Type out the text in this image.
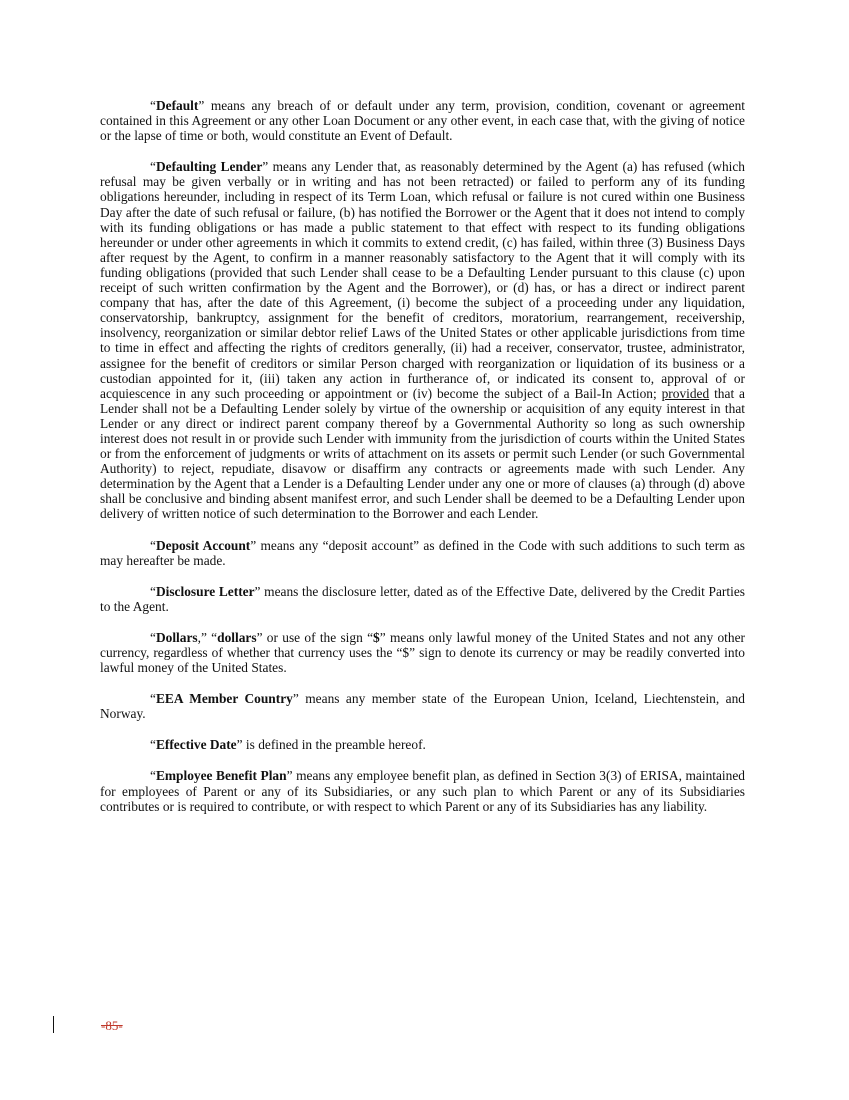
“Default” means any breach of or default under any term, provision, condition, covenant or agreement contained in this Agreement or any other Loan Document or any other event, in each case that, with the giving of notice or the lapse of time or both, would constitute an Event of Default.

“Defaulting Lender” means any Lender that, as reasonably determined by the Agent (a) has refused (which refusal may be given verbally or in writing and has not been retracted) or failed to perform any of its funding obligations hereunder, including in respect of its Term Loan, which refusal or failure is not cured within one Business Day after the date of such refusal or failure, (b) has notified the Borrower or the Agent that it does not intend to comply with its funding obligations or has made a public statement to that effect with respect to its funding obligations hereunder or under other agreements in which it commits to extend credit, (c) has failed, within three (3) Business Days after request by the Agent, to confirm in a manner reasonably satisfactory to the Agent that it will comply with its funding obligations (provided that such Lender shall cease to be a Defaulting Lender pursuant to this clause (c) upon receipt of such written confirmation by the Agent and the Borrower), or (d) has, or has a direct or indirect parent company that has, after the date of this Agreement, (i) become the subject of a proceeding under any liquidation, conservatorship, bankruptcy, assignment for the benefit of creditors, moratorium, rearrangement, receivership, insolvency, reorganization or similar debtor relief Laws of the United States or other applicable jurisdictions from time to time in effect and affecting the rights of creditors generally, (ii) had a receiver, conservator, trustee, administrator, assignee for the benefit of creditors or similar Person charged with reorganization or liquidation of its business or a custodian appointed for it, (iii) taken any action in furtherance of, or indicated its consent to, approval of or acquiescence in any such proceeding or appointment or (iv) become the subject of a Bail-In Action; provided that a Lender shall not be a Defaulting Lender solely by virtue of the ownership or acquisition of any equity interest in that Lender or any direct or indirect parent company thereof by a Governmental Authority so long as such ownership interest does not result in or provide such Lender with immunity from the jurisdiction of courts within the United States or from the enforcement of judgments or writs of attachment on its assets or permit such Lender (or such Governmental Authority) to reject, repudiate, disavow or disaffirm any contracts or agreements made with such Lender. Any determination by the Agent that a Lender is a Defaulting Lender under any one or more of clauses (a) through (d) above shall be conclusive and binding absent manifest error, and such Lender shall be deemed to be a Defaulting Lender upon delivery of written notice of such determination to the Borrower and each Lender.

“Deposit Account” means any “deposit account” as defined in the Code with such additions to such term as may hereafter be made.

“Disclosure Letter” means the disclosure letter, dated as of the Effective Date, delivered by the Credit Parties to the Agent.

“Dollars,” “dollars” or use of the sign “$” means only lawful money of the United States and not any other currency, regardless of whether that currency uses the “$” sign to denote its currency or may be readily converted into lawful money of the United States.

“EEA Member Country” means any member state of the European Union, Iceland, Liechtenstein, and Norway.

“Effective Date” is defined in the preamble hereof.

“Employee Benefit Plan” means any employee benefit plan, as defined in Section 3(3) of ERISA, maintained for employees of Parent or any of its Subsidiaries, or any such plan to which Parent or any of its Subsidiaries contributes or is required to contribute, or with respect to which Parent or any of its Subsidiaries has any liability.

-85-
